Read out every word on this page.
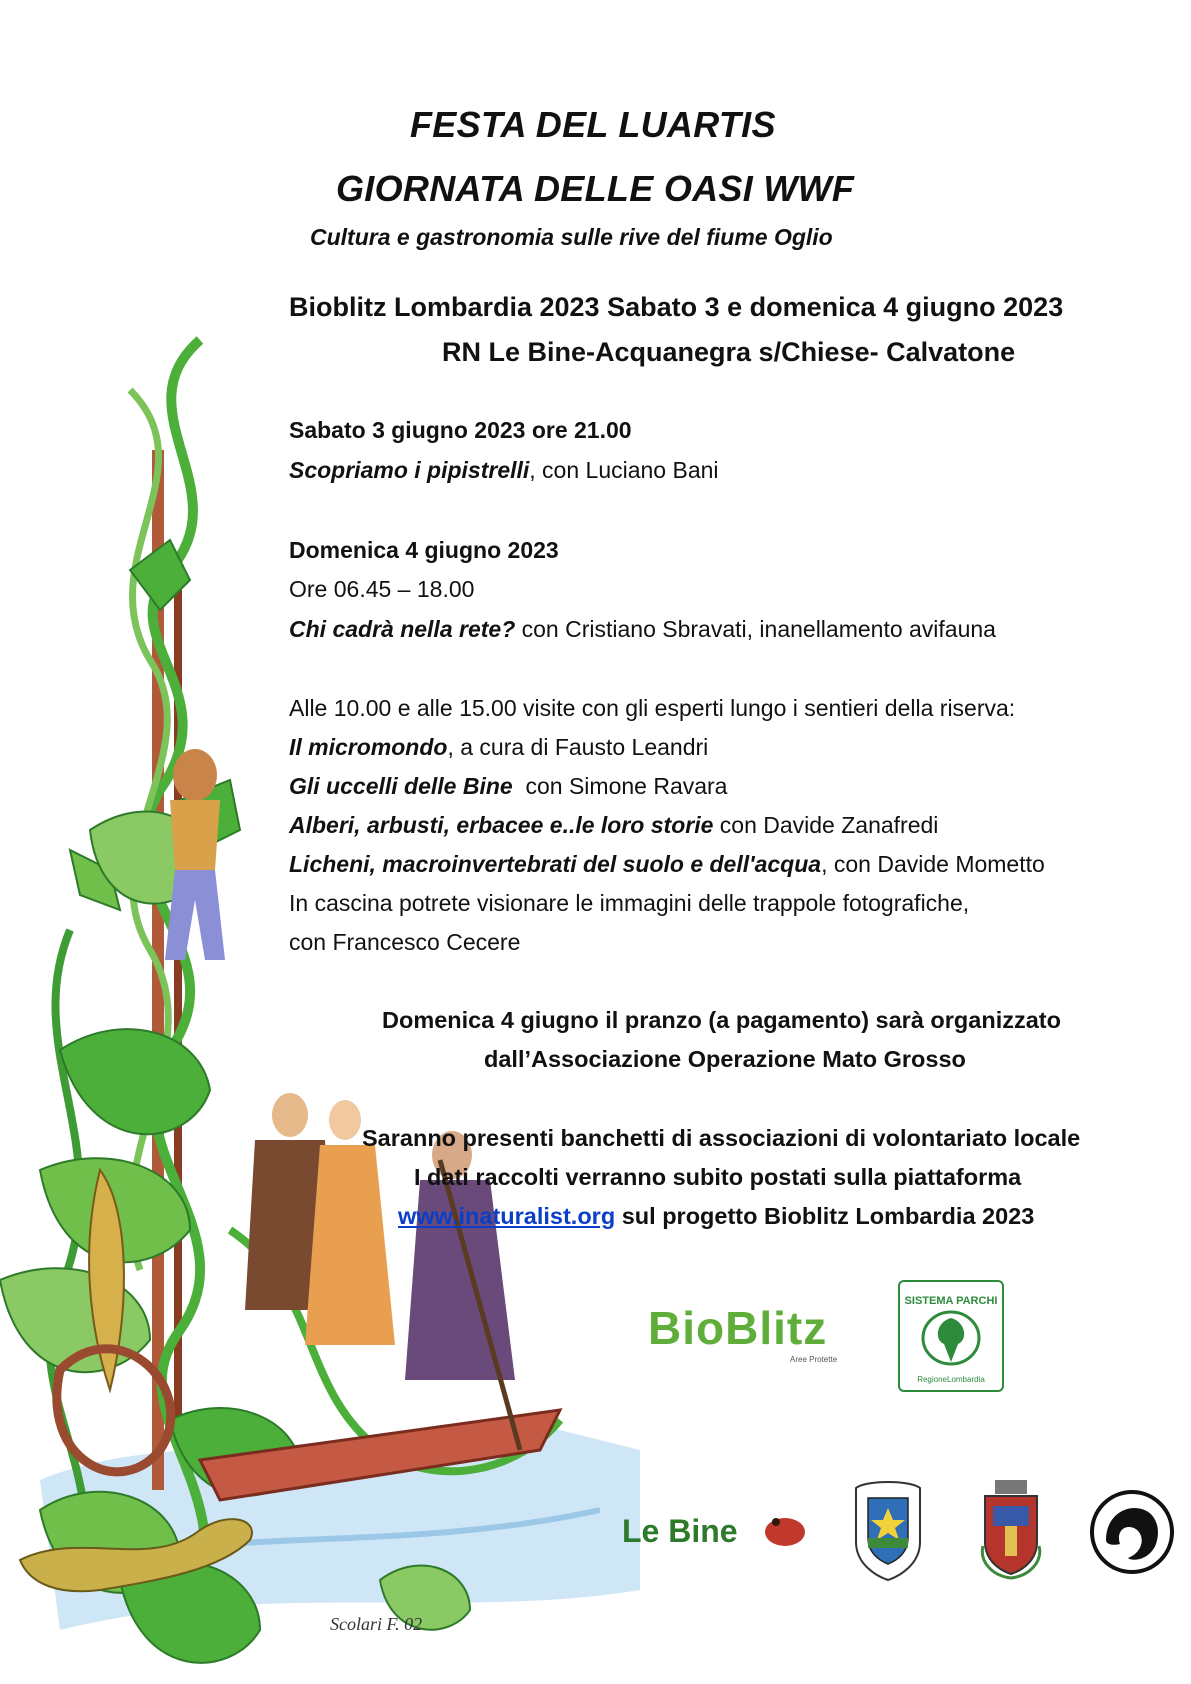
Scolari F. 02
FESTA DEL LUARTIS
GIORNATA DELLE OASI WWF
Cultura e gastronomia sulle rive del fiume Oglio
Bioblitz Lombardia 2023 Sabato 3 e domenica 4 giugno 2023
RN Le Bine-Acquanegra s/Chiese- Calvatone
Sabato 3 giugno 2023 ore 21.00
Scopriamo i pipistrelli, con Luciano Bani
Domenica 4 giugno 2023
Ore 06.45 – 18.00
Chi cadrà nella rete? con Cristiano Sbravati, inanellamento avifauna
Alle 10.00 e alle 15.00 visite con gli esperti lungo i sentieri della riserva:
Il micromondo, a cura di Fausto Leandri
Gli uccelli delle Bine  con Simone Ravara
Alberi, arbusti, erbacee e..le loro storie con Davide Zanafredi
Licheni, macroinvertebrati del suolo e dell'acqua, con Davide Mometto
In cascina potrete visionare le immagini delle trappole fotografiche,
con Francesco Cecere
Domenica 4 giugno il pranzo (a pagamento) sarà organizzato
dall’Associazione Operazione Mato Grosso
Saranno presenti banchetti di associazioni di volontariato locale
I dati raccolti verranno subito postati sulla piattaforma
www.inaturalist.org sul progetto Bioblitz Lombardia 2023
BioBlitz
Aree Protette
SISTEMA PARCHI
RegioneLombardia
Le Bine
